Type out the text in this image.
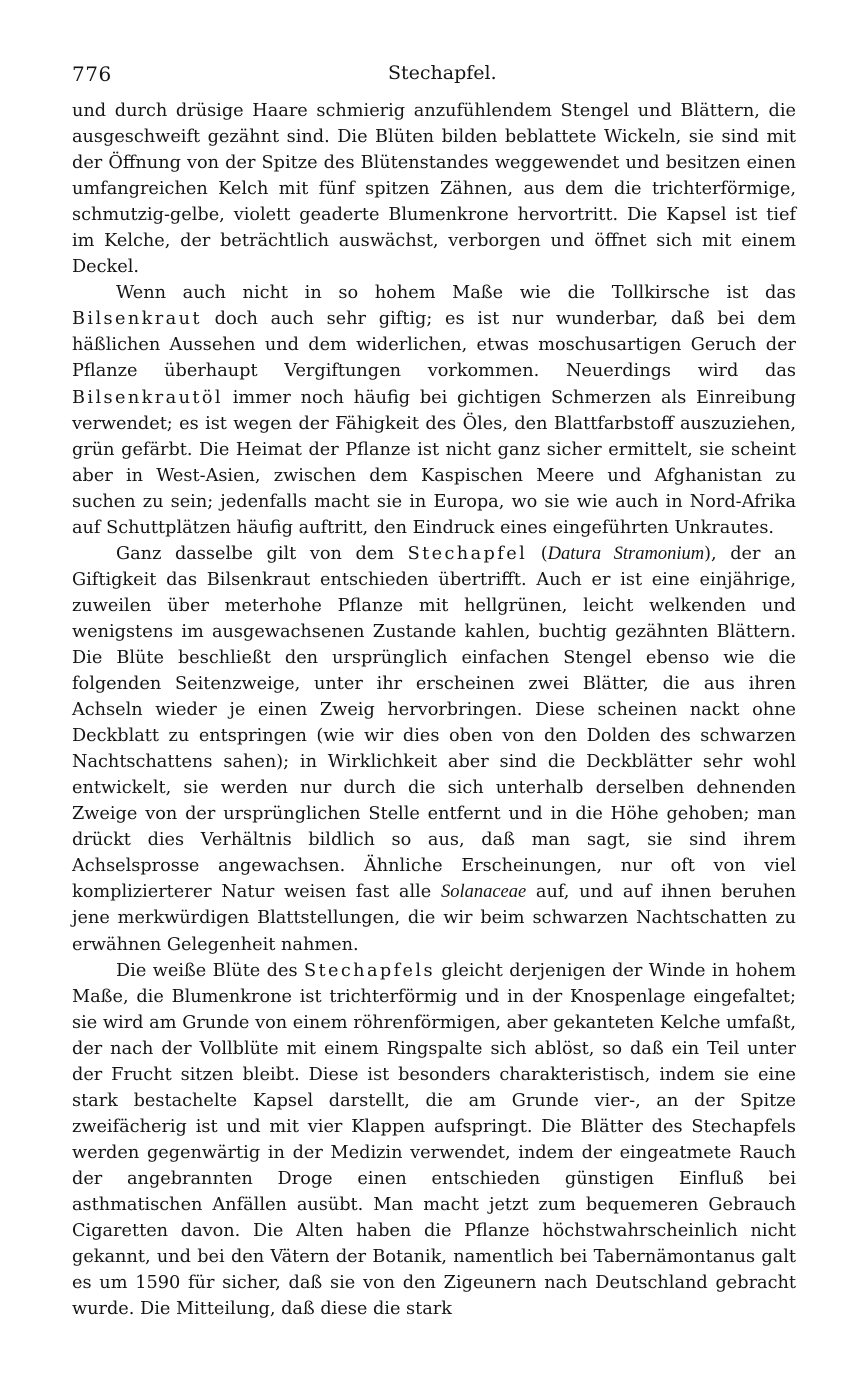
776	Stechapfel.

und durch drüsige Haare schmierig anzufühlendem Stengel und Blättern, die ausgeschweift gezähnt sind. Die Blüten bilden beblattete Wickeln, sie sind mit der Öffnung von der Spitze des Blütenstandes weggewendet und besitzen einen umfangreichen Kelch mit fünf spitzen Zähnen, aus dem die trichterförmige, schmutzig-gelbe, violett geaderte Blumenkrone hervortritt. Die Kapsel ist tief im Kelche, der beträchtlich auswächst, verborgen und öffnet sich mit einem Deckel.

Wenn auch nicht in so hohem Maße wie die Tollkirsche ist das Bilsenkraut doch auch sehr giftig; es ist nur wunderbar, daß bei dem häßlichen Aussehen und dem widerlichen, etwas moschusartigen Geruch der Pflanze überhaupt Vergiftungen vorkommen. Neuerdings wird das Bilsenkrautöl immer noch häufig bei gichtigen Schmerzen als Einreibung verwendet; es ist wegen der Fähigkeit des Öles, den Blattfarbstoff auszuziehen, grün gefärbt. Die Heimat der Pflanze ist nicht ganz sicher ermittelt, sie scheint aber in West-Asien, zwischen dem Kaspischen Meere und Afghanistan zu suchen zu sein; jedenfalls macht sie in Europa, wo sie wie auch in Nord-Afrika auf Schuttplätzen häufig auftritt, den Eindruck eines eingeführten Unkrautes.

Ganz dasselbe gilt von dem Stechapfel (Datura Stramonium), der an Giftigkeit das Bilsenkraut entschieden übertrifft. Auch er ist eine einjährige, zuweilen über meterhohe Pflanze mit hellgrünen, leicht welkenden und wenigstens im ausgewachsenen Zustande kahlen, buchtig gezähnten Blättern. Die Blüte beschließt den ursprünglich einfachen Stengel ebenso wie die folgenden Seitenzweige, unter ihr erscheinen zwei Blätter, die aus ihren Achseln wieder je einen Zweig hervorbringen. Diese scheinen nackt ohne Deckblatt zu entspringen (wie wir dies oben von den Dolden des schwarzen Nachtschattens sahen); in Wirklichkeit aber sind die Deckblätter sehr wohl entwickelt, sie werden nur durch die sich unterhalb derselben dehnenden Zweige von der ursprünglichen Stelle entfernt und in die Höhe gehoben; man drückt dies Verhältnis bildlich so aus, daß man sagt, sie sind ihrem Achselsprosse angewachsen. Ähnliche Erscheinungen, nur oft von viel komplizierterer Natur weisen fast alle Solanaceae auf, und auf ihnen beruhen jene merkwürdigen Blattstellungen, die wir beim schwarzen Nachtschatten zu erwähnen Gelegenheit nahmen.

Die weiße Blüte des Stechapfels gleicht derjenigen der Winde in hohem Maße, die Blumenkrone ist trichterförmig und in der Knospenlage eingefaltet; sie wird am Grunde von einem röhrenförmigen, aber gekanteten Kelche umfaßt, der nach der Vollblüte mit einem Ringspalte sich ablöst, so daß ein Teil unter der Frucht sitzen bleibt. Diese ist besonders charakteristisch, indem sie eine stark bestachelte Kapsel darstellt, die am Grunde vier-, an der Spitze zweifächerig ist und mit vier Klappen aufspringt. Die Blätter des Stechapfels werden gegenwärtig in der Medizin verwendet, indem der eingeatmete Rauch der angebrannten Droge einen entschieden günstigen Einfluß bei asthmatischen Anfällen ausübt. Man macht jetzt zum bequemeren Gebrauch Cigaretten davon. Die Alten haben die Pflanze höchstwahrscheinlich nicht gekannt, und bei den Vätern der Botanik, namentlich bei Tabernämontanus galt es um 1590 für sicher, daß sie von den Zigeunern nach Deutschland gebracht wurde. Die Mitteilung, daß diese die stark
